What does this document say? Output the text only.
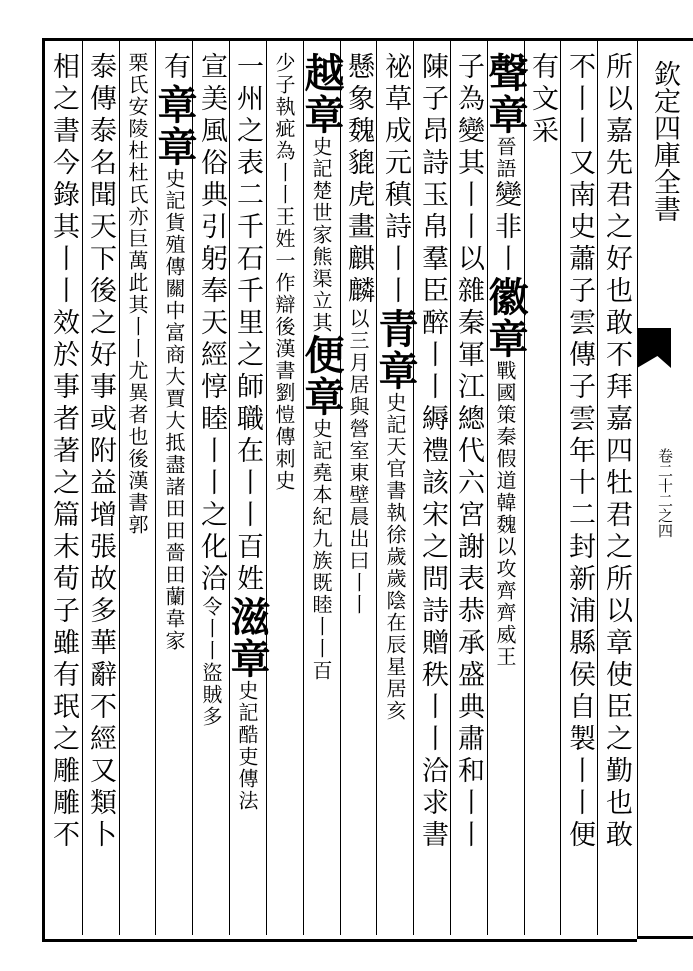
欽定四庫全書
卷二十二之四
所以嘉先君之好也敢不拜嘉四牡君之所以章使臣之勤也敢
不丨丨又南史蕭子雲傳子雲年十二封新浦縣侯自製丨丨便
有文采
聲章晉語變非丨徽章戰國策秦假道韓魏以攻齊齊威王
子為變其丨丨以雜秦軍江總代六宮謝表恭承盛典肅和丨丨
陳子昂詩玉帛羣臣醉丨丨縟禮該宋之問詩贈秩丨丨洽求書
祕草成元稹詩丨丨青章史記天官書執徐歲歲陰在辰星居亥
懸象魏貔虎畫麒麟以三月居與營室東壁晨出曰丨丨
越章史記楚世家熊渠立其便章史記堯本紀九族既睦丨丨百
少子執疵為丨丨王姓一作辯後漢書劉愷傳刺史
一州之表二千石千里之師職在丨丨百姓滋章史記酷吏傳法
宣美風俗典引躬奉天經惇睦丨丨之化洽令丨丨盜賊多
有章章史記貨殖傳關中富商大賈大抵盡諸田田嗇田蘭韋家
栗氏安陵杜杜氏亦巨萬此其丨丨尤異者也後漢書郭
泰傳泰名聞天下後之好事或附益增張故多華辭不經又類卜
相之書今錄其丨丨效於事者著之篇末荀子雖有珉之雕雕不
